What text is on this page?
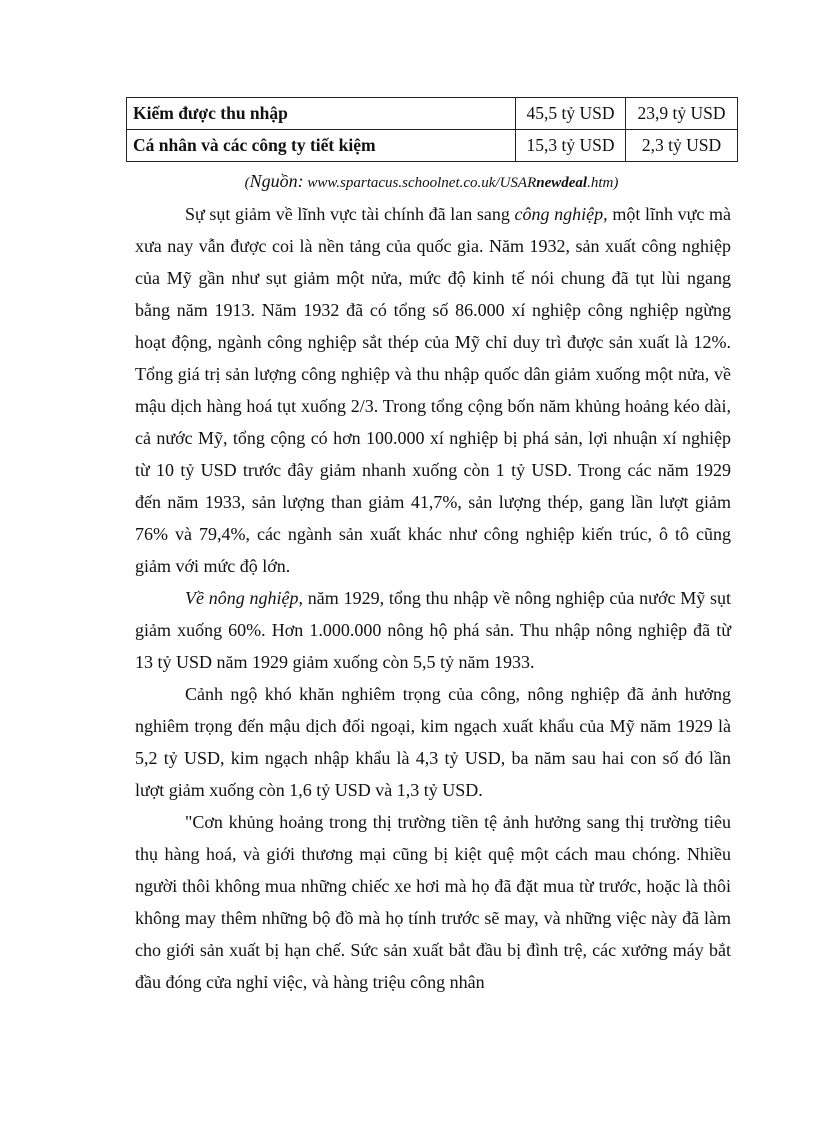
Kiếm được thu nhập	45,5 tỷ USD	23,9 tỷ USD
Cá nhân và các công ty tiết kiệm	15,3 tỷ USD	2,3 tỷ USD
(Nguồn: www.spartacus.schoolnet.co.uk/USARnewdeal.htm)

Sự sụt giảm về lĩnh vực tài chính đã lan sang công nghiệp, một lĩnh vực mà xưa nay vẫn được coi là nền tảng của quốc gia. Năm 1932, sản xuất công nghiệp của Mỹ gần như sụt giảm một nửa, mức độ kinh tế nói chung đã tụt lùi ngang bằng năm 1913. Năm 1932 đã có tổng số 86.000 xí nghiệp công nghiệp ngừng hoạt động, ngành công nghiệp sắt thép của Mỹ chỉ duy trì được sản xuất là 12%. Tổng giá trị sản lượng công nghiệp và thu nhập quốc dân giảm xuống một nửa, về mậu dịch hàng hoá tụt xuống 2/3. Trong tổng cộng bốn năm khủng hoảng kéo dài, cả nước Mỹ, tổng cộng có hơn 100.000 xí nghiệp bị phá sản, lợi nhuận xí nghiệp từ 10 tỷ USD trước đây giảm nhanh xuống còn 1 tỷ USD. Trong các năm 1929 đến năm 1933, sản lượng than giảm 41,7%, sản lượng thép, gang lần lượt giảm 76% và 79,4%, các ngành sản xuất khác như công nghiệp kiến trúc, ô tô cũng giảm với mức độ lớn.

Về nông nghiệp, năm 1929, tổng thu nhập về nông nghiệp của nước Mỹ sụt giảm xuống 60%. Hơn 1.000.000 nông hộ phá sản. Thu nhập nông nghiệp đã từ 13 tỷ USD năm 1929 giảm xuống còn 5,5 tỷ năm 1933.

Cảnh ngộ khó khăn nghiêm trọng của công, nông nghiệp đã ảnh hưởng nghiêm trọng đến mậu dịch đối ngoại, kim ngạch xuất khẩu của Mỹ năm 1929 là 5,2 tỷ USD, kim ngạch nhập khẩu là 4,3 tỷ USD, ba năm sau hai con số đó lần lượt giảm xuống còn 1,6 tỷ USD và 1,3 tỷ USD.

"Cơn khủng hoảng trong thị trường tiền tệ ảnh hưởng sang thị trường tiêu thụ hàng hoá, và giới thương mại cũng bị kiệt quệ một cách mau chóng. Nhiều người thôi không mua những chiếc xe hơi mà họ đã đặt mua từ trước, hoặc là thôi không may thêm những bộ đồ mà họ tính trước sẽ may, và những việc này đã làm cho giới sản xuất bị hạn chế. Sức sản xuất bắt đầu bị đình trệ, các xưởng máy bắt đầu đóng cửa nghỉ việc, và hàng triệu công nhân
